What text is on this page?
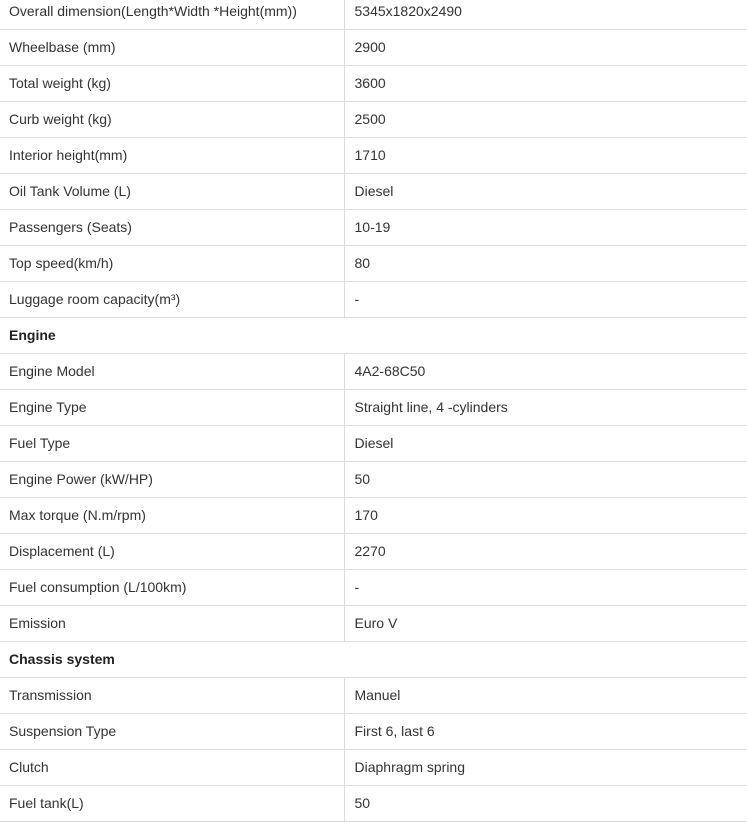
Overall dimension(Length*Width *Height(mm))	5345x1820x2490
Wheelbase (mm)	2900
Total weight (kg)	3600
Curb weight (kg)	2500
Interior height(mm)	1710
Oil Tank Volume (L)	Diesel
Passengers (Seats)	10-19
Top speed(km/h)	80
Luggage room capacity(m³)	-
Engine	
Engine Model	4A2-68C50
Engine Type	Straight line, 4 -cylinders
Fuel Type	Diesel
Engine Power (kW/HP)	50
Max torque (N.m/rpm)	170
Displacement (L)	2270
Fuel consumption (L/100km)	-
Emission	Euro V
Chassis system	
Transmission	Manuel
Suspension Type	First 6, last 6
Clutch	Diaphragm spring
Fuel tank(L)	50
